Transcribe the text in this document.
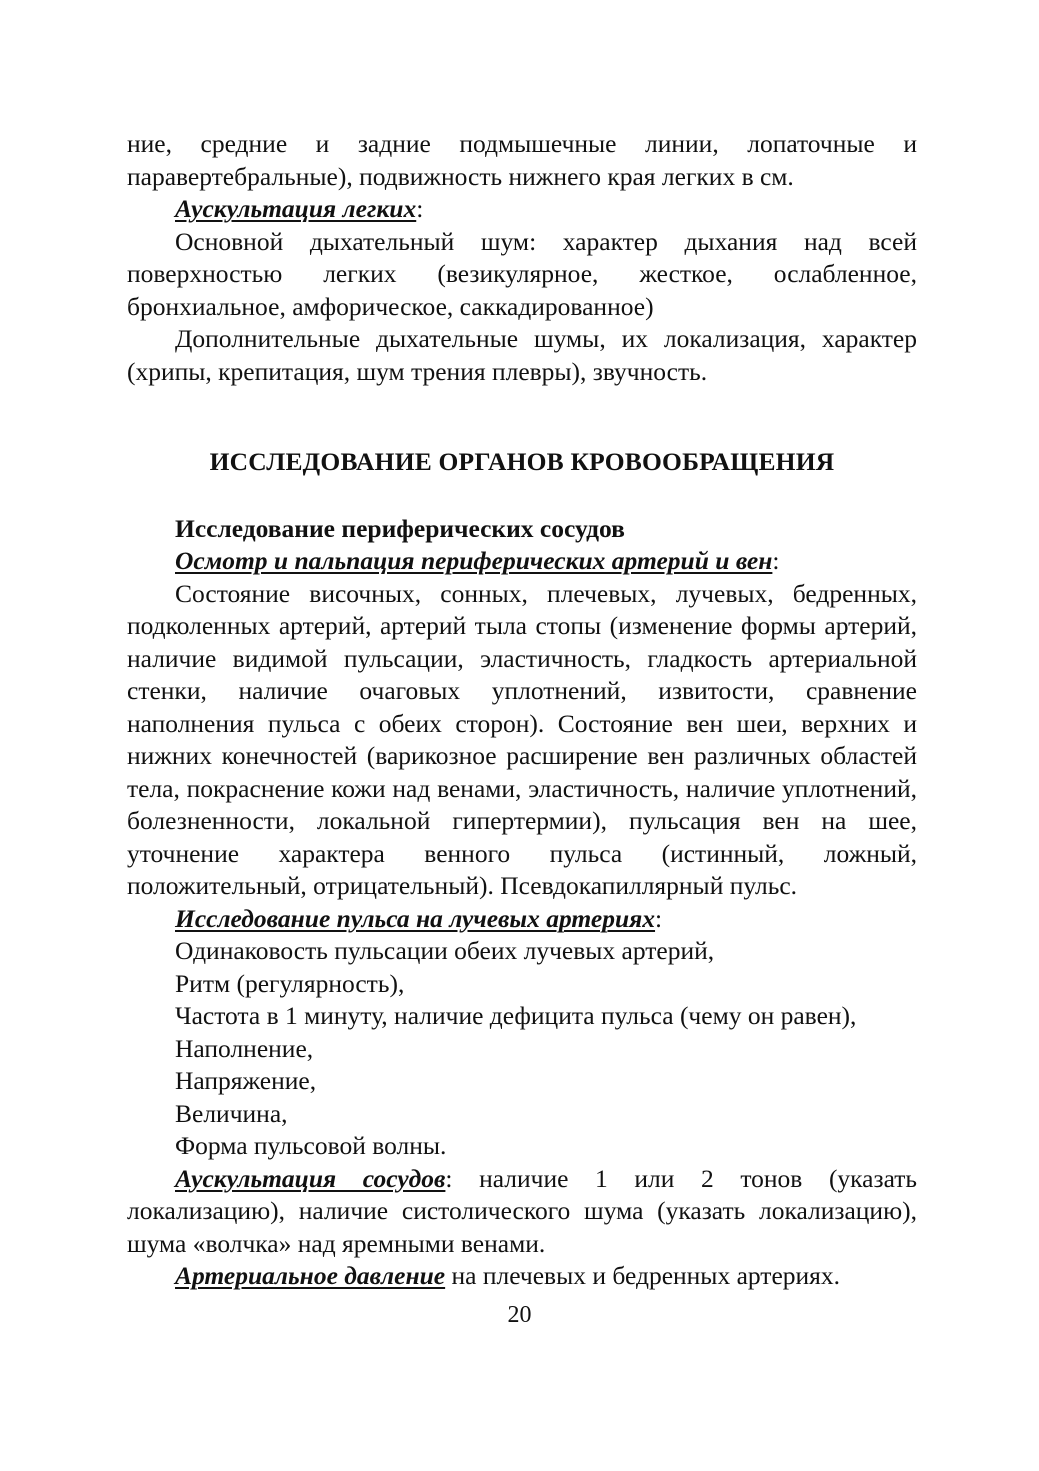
ние, средние и задние подмышечные линии, лопаточные и паравертебральные), подвижность нижнего края легких в см.

Аускультация легких:

Основной дыхательный шум: характер дыхания над всей поверхностью легких (везикулярное, жесткое, ослабленное, бронхиальное, амфорическое, саккадированное)

Дополнительные дыхательные шумы, их локализация, характер (хрипы, крепитация, шум трения плевры), звучность.

ИССЛЕДОВАНИЕ ОРГАНОВ КРОВООБРАЩЕНИЯ

Исследование периферических сосудов

Осмотр и пальпация периферических артерий и вен:

Состояние височных, сонных, плечевых, лучевых, бедренных, подколенных артерий, артерий тыла стопы (изменение формы артерий, наличие видимой пульсации, эластичность, гладкость артериальной стенки, наличие очаговых уплотнений, извитости, сравнение наполнения пульса с обеих сторон). Состояние вен шеи, верхних и нижних конечностей (варикозное расширение вен различных областей тела, покраснение кожи над венами, эластичность, наличие уплотнений, болезненности, локальной гипертермии), пульсация вен на шее, уточнение характера венного пульса (истинный, ложный, положительный, отрицательный). Псевдокапиллярный пульс.

Исследование пульса на лучевых артериях:

Одинаковость пульсации обеих лучевых артерий,

Ритм (регулярность),

Частота в 1 минуту, наличие дефицита пульса (чему он равен),

Наполнение,

Напряжение,

Величина,

Форма пульсовой волны.

Аускультация сосудов: наличие 1 или 2 тонов (указать локализацию), наличие систолического шума (указать локализацию), шума «волчка» над яремными венами.

Артериальное давление на плечевых и бедренных артериях.

20
